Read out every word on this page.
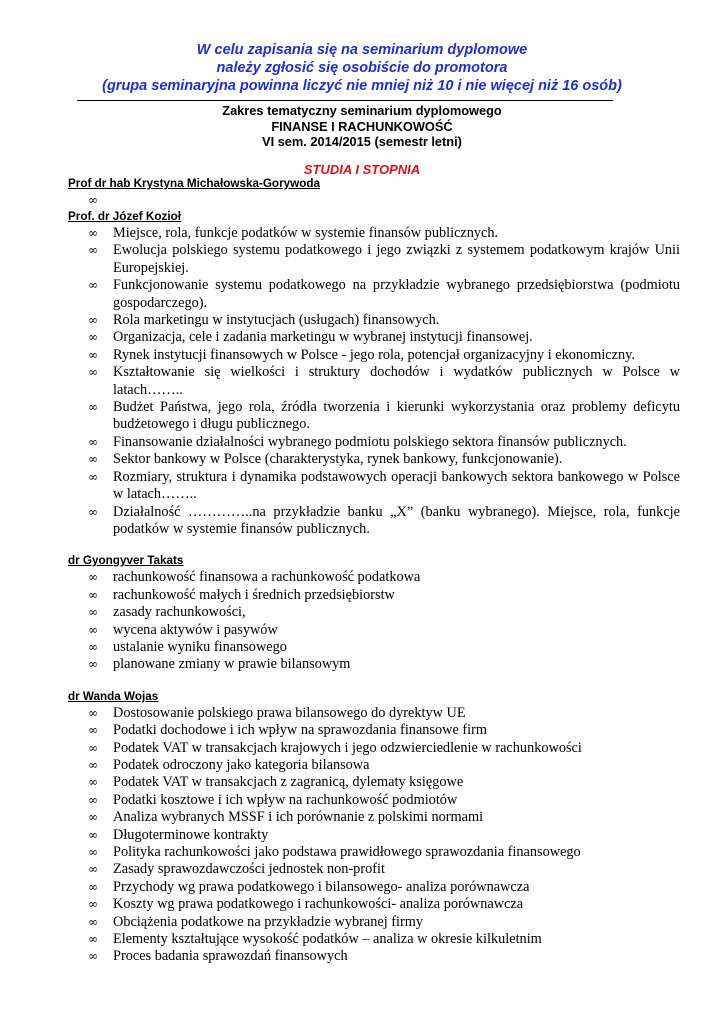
W celu zapisania się na seminarium dyplomowe
należy zgłosić się osobiście do promotora
(grupa seminaryjna powinna liczyć nie mniej niż 10 i nie więcej niż 16 osób)
Zakres tematyczny seminarium dyplomowego
FINANSE I RACHUNKOWOŚĆ
VI sem. 2014/2015 (semestr letni)
STUDIA I STOPNIA
Prof dr hab Krystyna Michałowska-Gorywoda
∞
Prof. dr Józef Kozioł
∞ Miejsce, rola, funkcje podatków w systemie finansów publicznych.
∞ Ewolucja polskiego systemu podatkowego i jego związki z systemem podatkowym krajów Unii Europejskiej.
∞ Funkcjonowanie systemu podatkowego na przykładzie wybranego przedsiębiorstwa (podmiotu gospodarczego).
∞ Rola marketingu w instytucjach (usługach) finansowych.
∞ Organizacja, cele i zadania marketingu w wybranej instytucji finansowej.
∞ Rynek instytucji finansowych w Polsce - jego rola, potencjał organizacyjny i ekonomiczny.
∞ Kształtowanie się wielkości i struktury dochodów i wydatków publicznych w Polsce w latach……..
∞ Budżet Państwa, jego rola, źródła tworzenia i kierunki wykorzystania oraz problemy deficytu budżetowego i długu publicznego.
∞ Finansowanie działalności wybranego podmiotu polskiego sektora finansów publicznych.
∞ Sektor bankowy w Polsce (charakterystyka, rynek bankowy, funkcjonowanie).
∞ Rozmiary, struktura i dynamika podstawowych operacji bankowych sektora bankowego w Polsce w latach……..
∞ Działalność …………..na przykładzie banku „X” (banku wybranego). Miejsce, rola, funkcje podatków w systemie finansów publicznych.
dr Gyongyver Takats
∞ rachunkowość finansowa a rachunkowość podatkowa
∞ rachunkowość małych i średnich przedsiębiorstw
∞ zasady rachunkowości,
∞ wycena aktywów i pasywów
∞ ustalanie wyniku finansowego
∞ planowane zmiany w prawie bilansowym
dr Wanda Wojas
∞ Dostosowanie polskiego prawa bilansowego do dyrektyw UE
∞ Podatki dochodowe i ich wpływ na sprawozdania finansowe firm
∞ Podatek VAT w transakcjach krajowych i jego odzwierciedlenie w rachunkowości
∞ Podatek odroczony jako kategoria bilansowa
∞ Podatek VAT w transakcjach z zagranicą, dylematy księgowe
∞ Podatki kosztowe i ich wpływ na rachunkowość podmiotów
∞ Analiza wybranych MSSF i ich porównanie z polskimi normami
∞ Długoterminowe kontrakty
∞ Polityka rachunkowości jako podstawa prawidłowego sprawozdania finansowego
∞ Zasady sprawozdawczości jednostek non-profit
∞ Przychody wg prawa podatkowego i bilansowego- analiza porównawcza
∞ Koszty wg prawa podatkowego i rachunkowości- analiza porównawcza
∞ Obciążenia podatkowe na przykładzie wybranej firmy
∞ Elementy kształtujące wysokość podatków – analiza w okresie kilkuletnim
∞ Proces badania sprawozdań finansowych
